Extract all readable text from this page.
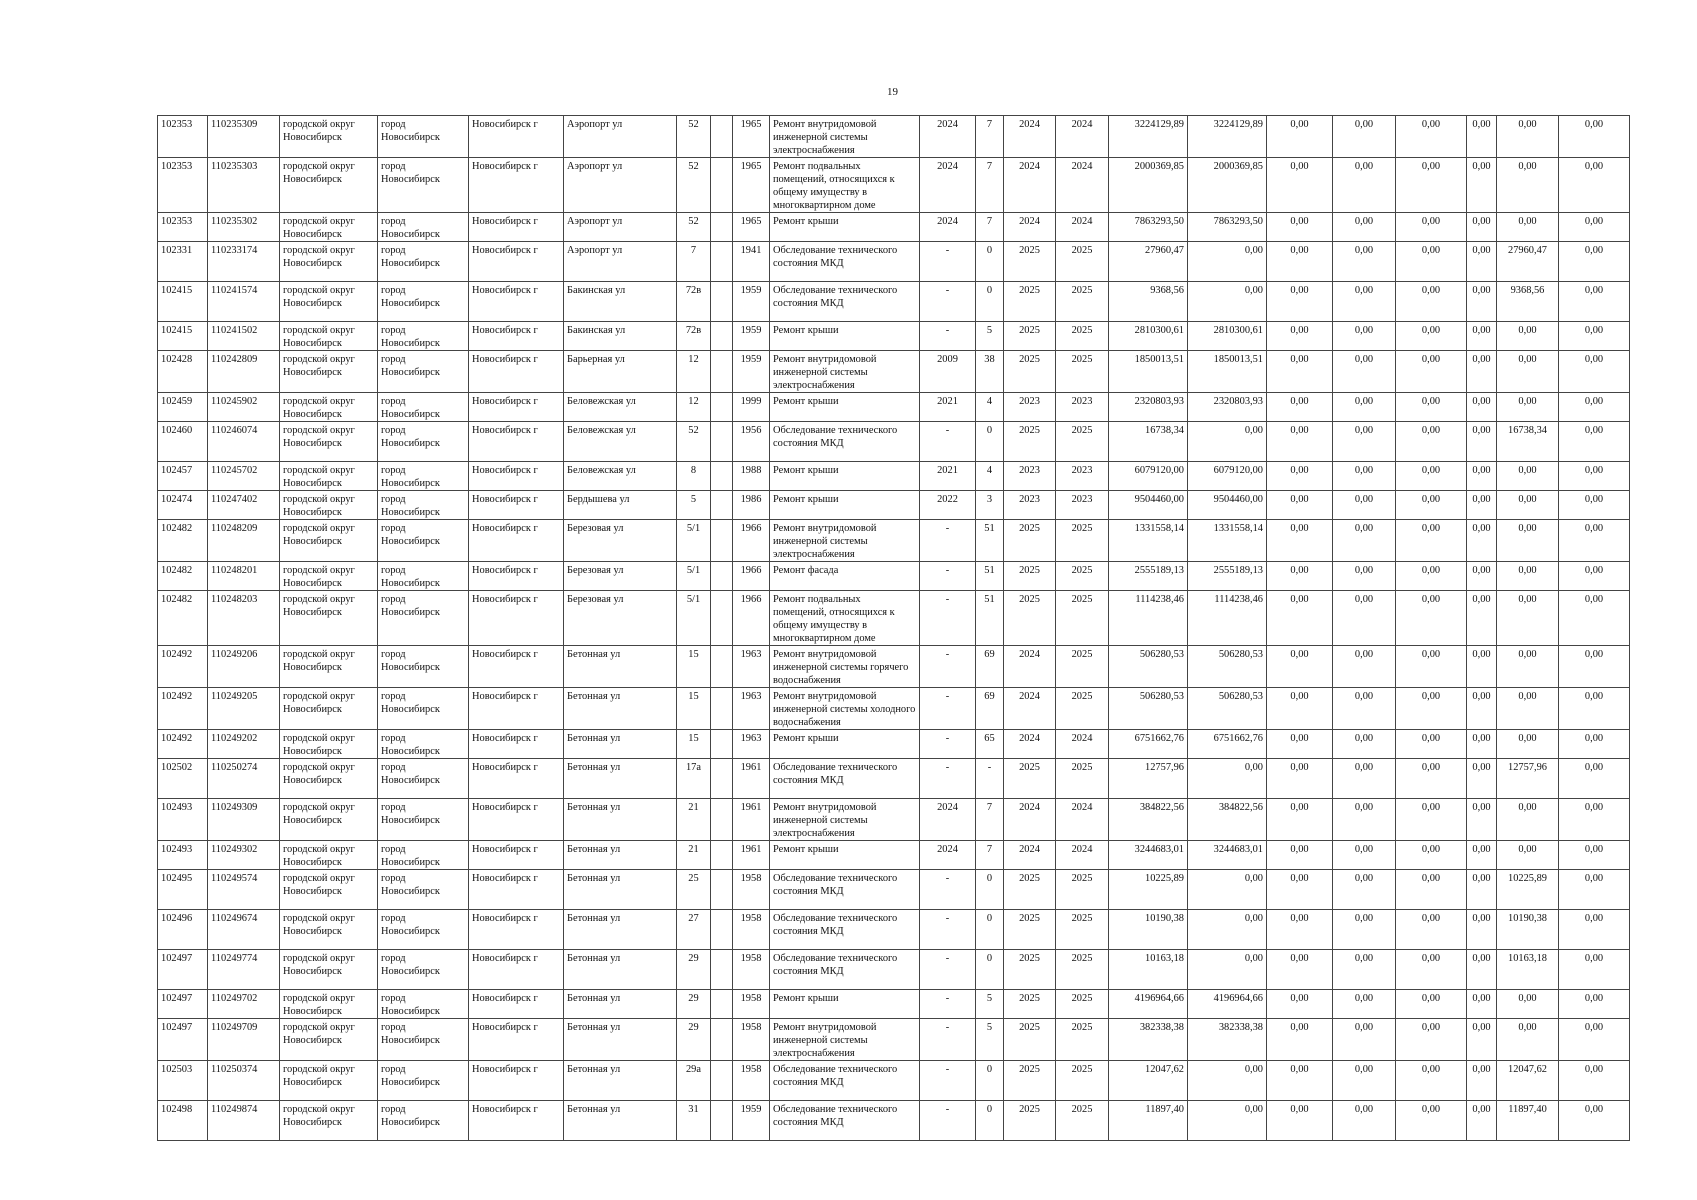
19
102353	110235309	городской округ Новосибирск	город Новосибирск	Новосибирск г	Аэропорт ул	52		1965	Ремонт внутридомовой инженерной системы электроснабжения	2024	7	2024	2024	3224129,89	3224129,89	0,00	0,00	0,00	0,00	0,00	0,00
102353	110235303	городской округ Новосибирск	город Новосибирск	Новосибирск г	Аэропорт ул	52		1965	Ремонт подвальных помещений, относящихся к общему имуществу в многоквартирном доме	2024	7	2024	2024	2000369,85	2000369,85	0,00	0,00	0,00	0,00	0,00	0,00
102353	110235302	городской округ Новосибирск	город Новосибирск	Новосибирск г	Аэропорт ул	52		1965	Ремонт крыши	2024	7	2024	2024	7863293,50	7863293,50	0,00	0,00	0,00	0,00	0,00	0,00
102331	110233174	городской округ Новосибирск	город Новосибирск	Новосибирск г	Аэропорт ул	7		1941	Обследование технического состояния МКД	-	0	2025	2025	27960,47	0,00	0,00	0,00	0,00	0,00	27960,47	0,00
102415	110241574	городской округ Новосибирск	город Новосибирск	Новосибирск г	Бакинская ул	72в		1959	Обследование технического состояния МКД	-	0	2025	2025	9368,56	0,00	0,00	0,00	0,00	0,00	9368,56	0,00
102415	110241502	городской округ Новосибирск	город Новосибирск	Новосибирск г	Бакинская ул	72в		1959	Ремонт крыши	-	5	2025	2025	2810300,61	2810300,61	0,00	0,00	0,00	0,00	0,00	0,00
102428	110242809	городской округ Новосибирск	город Новосибирск	Новосибирск г	Барьерная ул	12		1959	Ремонт внутридомовой инженерной системы электроснабжения	2009	38	2025	2025	1850013,51	1850013,51	0,00	0,00	0,00	0,00	0,00	0,00
102459	110245902	городской округ Новосибирск	город Новосибирск	Новосибирск г	Беловежская ул	12		1999	Ремонт крыши	2021	4	2023	2023	2320803,93	2320803,93	0,00	0,00	0,00	0,00	0,00	0,00
102460	110246074	городской округ Новосибирск	город Новосибирск	Новосибирск г	Беловежская ул	52		1956	Обследование технического состояния МКД	-	0	2025	2025	16738,34	0,00	0,00	0,00	0,00	0,00	16738,34	0,00
102457	110245702	городской округ Новосибирск	город Новосибирск	Новосибирск г	Беловежская ул	8		1988	Ремонт крыши	2021	4	2023	2023	6079120,00	6079120,00	0,00	0,00	0,00	0,00	0,00	0,00
102474	110247402	городской округ Новосибирск	город Новосибирск	Новосибирск г	Бердышева ул	5		1986	Ремонт крыши	2022	3	2023	2023	9504460,00	9504460,00	0,00	0,00	0,00	0,00	0,00	0,00
102482	110248209	городской округ Новосибирск	город Новосибирск	Новосибирск г	Березовая ул	5/1		1966	Ремонт внутридомовой инженерной системы электроснабжения	-	51	2025	2025	1331558,14	1331558,14	0,00	0,00	0,00	0,00	0,00	0,00
102482	110248201	городской округ Новосибирск	город Новосибирск	Новосибирск г	Березовая ул	5/1		1966	Ремонт фасада	-	51	2025	2025	2555189,13	2555189,13	0,00	0,00	0,00	0,00	0,00	0,00
102482	110248203	городской округ Новосибирск	город Новосибирск	Новосибирск г	Березовая ул	5/1		1966	Ремонт подвальных помещений, относящихся к общему имуществу в многоквартирном доме	-	51	2025	2025	1114238,46	1114238,46	0,00	0,00	0,00	0,00	0,00	0,00
102492	110249206	городской округ Новосибирск	город Новосибирск	Новосибирск г	Бетонная ул	15		1963	Ремонт внутридомовой инженерной системы горячего водоснабжения	-	69	2024	2025	506280,53	506280,53	0,00	0,00	0,00	0,00	0,00	0,00
102492	110249205	городской округ Новосибирск	город Новосибирск	Новосибирск г	Бетонная ул	15		1963	Ремонт внутридомовой инженерной системы холодного водоснабжения	-	69	2024	2025	506280,53	506280,53	0,00	0,00	0,00	0,00	0,00	0,00
102492	110249202	городской округ Новосибирск	город Новосибирск	Новосибирск г	Бетонная ул	15		1963	Ремонт крыши	-	65	2024	2024	6751662,76	6751662,76	0,00	0,00	0,00	0,00	0,00	0,00
102502	110250274	городской округ Новосибирск	город Новосибирск	Новосибирск г	Бетонная ул	17а		1961	Обследование технического состояния МКД	-	-	2025	2025	12757,96	0,00	0,00	0,00	0,00	0,00	12757,96	0,00
102493	110249309	городской округ Новосибирск	город Новосибирск	Новосибирск г	Бетонная ул	21		1961	Ремонт внутридомовой инженерной системы электроснабжения	2024	7	2024	2024	384822,56	384822,56	0,00	0,00	0,00	0,00	0,00	0,00
102493	110249302	городской округ Новосибирск	город Новосибирск	Новосибирск г	Бетонная ул	21		1961	Ремонт крыши	2024	7	2024	2024	3244683,01	3244683,01	0,00	0,00	0,00	0,00	0,00	0,00
102495	110249574	городской округ Новосибирск	город Новосибирск	Новосибирск г	Бетонная ул	25		1958	Обследование технического состояния МКД	-	0	2025	2025	10225,89	0,00	0,00	0,00	0,00	0,00	10225,89	0,00
102496	110249674	городской округ Новосибирск	город Новосибирск	Новосибирск г	Бетонная ул	27		1958	Обследование технического состояния МКД	-	0	2025	2025	10190,38	0,00	0,00	0,00	0,00	0,00	10190,38	0,00
102497	110249774	городской округ Новосибирск	город Новосибирск	Новосибирск г	Бетонная ул	29		1958	Обследование технического состояния МКД	-	0	2025	2025	10163,18	0,00	0,00	0,00	0,00	0,00	10163,18	0,00
102497	110249702	городской округ Новосибирск	город Новосибирск	Новосибирск г	Бетонная ул	29		1958	Ремонт крыши	-	5	2025	2025	4196964,66	4196964,66	0,00	0,00	0,00	0,00	0,00	0,00
102497	110249709	городской округ Новосибирск	город Новосибирск	Новосибирск г	Бетонная ул	29		1958	Ремонт внутридомовой инженерной системы электроснабжения	-	5	2025	2025	382338,38	382338,38	0,00	0,00	0,00	0,00	0,00	0,00
102503	110250374	городской округ Новосибирск	город Новосибирск	Новосибирск г	Бетонная ул	29а		1958	Обследование технического состояния МКД	-	0	2025	2025	12047,62	0,00	0,00	0,00	0,00	0,00	12047,62	0,00
102498	110249874	городской округ Новосибирск	город Новосибирск	Новосибирск г	Бетонная ул	31		1959	Обследование технического состояния МКД	-	0	2025	2025	11897,40	0,00	0,00	0,00	0,00	0,00	11897,40	0,00
